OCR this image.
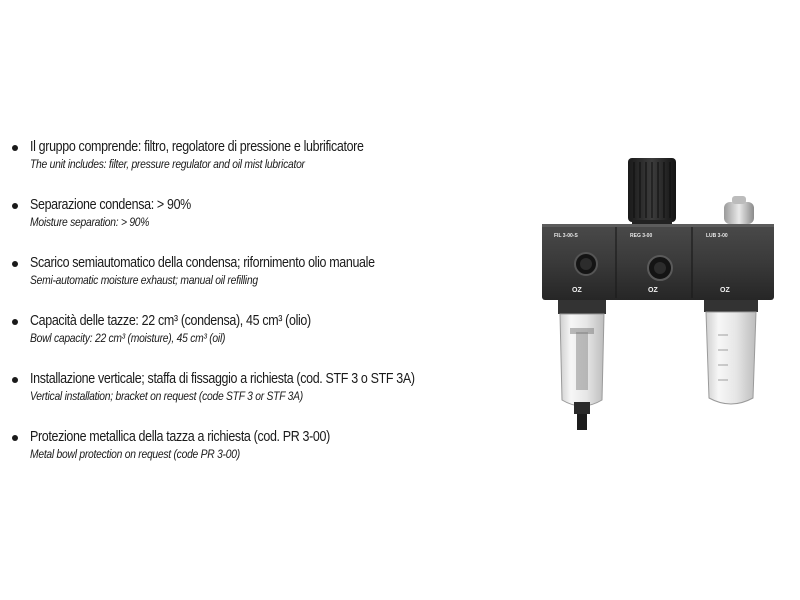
Il gruppo comprende: filtro, regolatore di pressione e lubrificatore
The unit includes: filter, pressure regulator and oil mist lubricator
Separazione condensa: > 90%
Moisture separation: > 90%
Scarico semiautomatico della condensa; rifornimento olio manuale
Semi-automatic moisture exhaust; manual oil refilling
Capacità delle tazze: 22 cm³ (condensa), 45 cm³ (olio)
Bowl capacity: 22 cm³ (moisture), 45 cm³ (oil)
Installazione verticale; staffa di fissaggio a richiesta (cod. STF 3 o STF 3A)
Vertical installation; bracket on request (code STF 3 or STF 3A)
Protezione metallica della tazza a richiesta (cod. PR 3-00)
Metal bowl protection on request (code PR 3-00)
FIL 3-00-S	REG 3-00	LUB 3-00
OZ	OZ	OZ
